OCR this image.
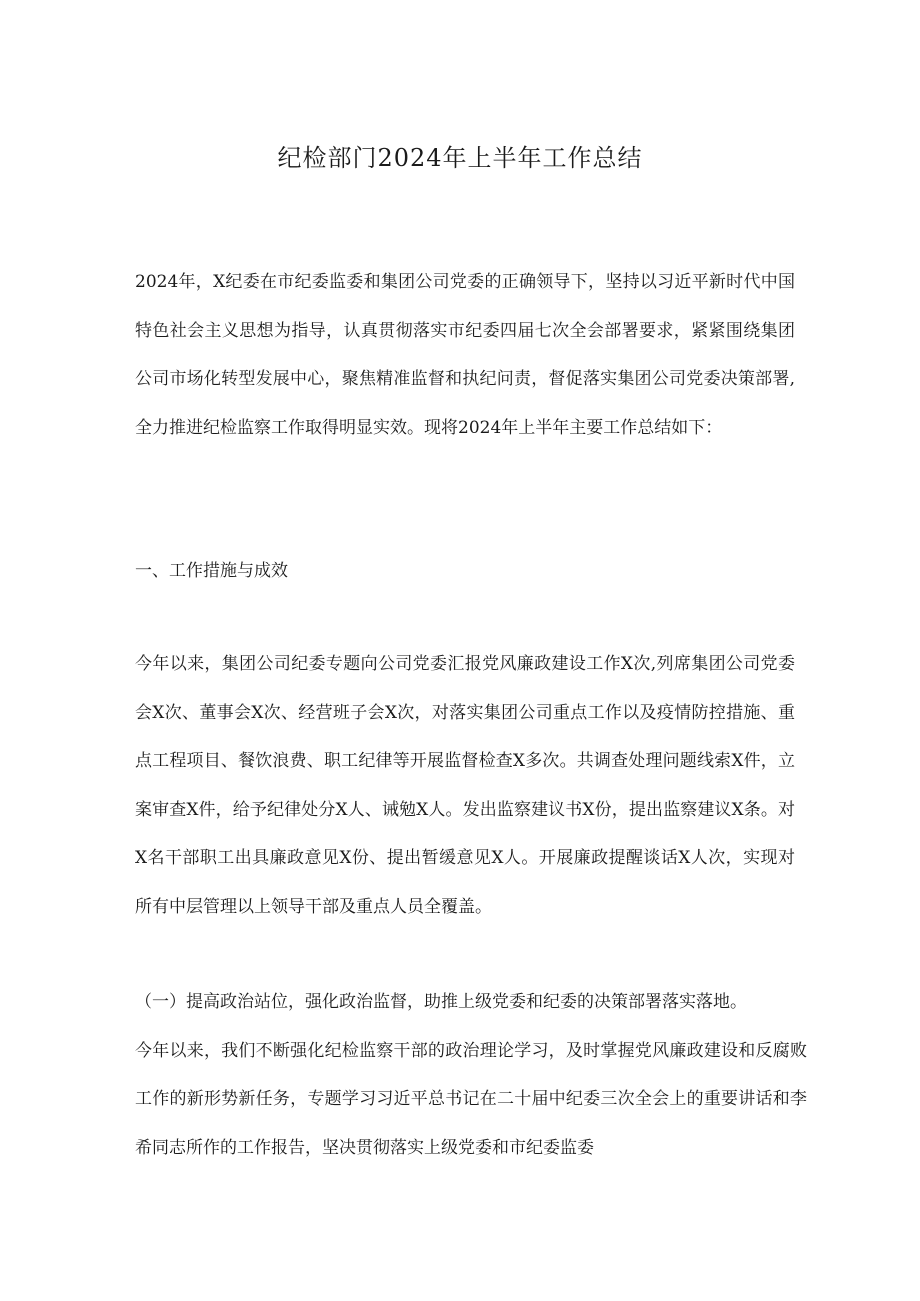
纪检部门2024年上半年工作总结

2024年，X纪委在市纪委监委和集团公司党委的正确领导下，坚持以习近平新时代中国特色社会主义思想为指导，认真贯彻落实市纪委四届七次全会部署要求，紧紧围绕集团公司市场化转型发展中心，聚焦精准监督和执纪问责，督促落实集团公司党委决策部署,全力推进纪检监察工作取得明显实效。现将2024年上半年主要工作总结如下：

一、工作措施与成效

今年以来，集团公司纪委专题向公司党委汇报党风廉政建设工作X次,列席集团公司党委会X次、董事会X次、经营班子会X次，对落实集团公司重点工作以及疫情防控措施、重点工程项目、餐饮浪费、职工纪律等开展监督检查X多次。共调查处理问题线索X件，立案审查X件，给予纪律处分X人、诫勉X人。发出监察建议书X份，提出监察建议X条。对X名干部职工出具廉政意见X份、提出暂缓意见X人。开展廉政提醒谈话X人次，实现对所有中层管理以上领导干部及重点人员全覆盖。

（一）提高政治站位，强化政治监督，助推上级党委和纪委的决策部署落实落地。
今年以来，我们不断强化纪检监察干部的政治理论学习，及时掌握党风廉政建设和反腐败工作的新形势新任务，专题学习习近平总书记在二十届中纪委三次全会上的重要讲话和李希同志所作的工作报告，坚决贯彻落实上级党委和市纪委监委
